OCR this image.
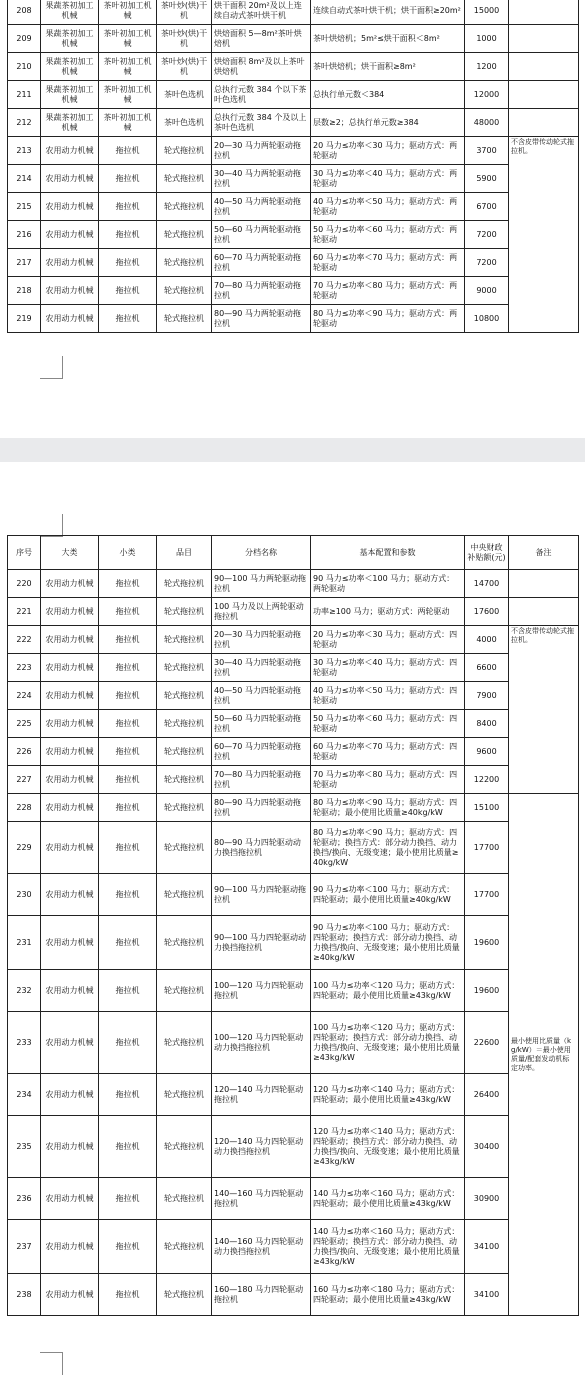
208	果蔬茶初加工机械	茶叶初加工机械	茶叶炒(烘)干机	烘干面积 20m²及以上连续自动式茶叶烘干机	连续自动式茶叶烘干机；烘干面积≥20m²	15000	
209	果蔬茶初加工机械	茶叶初加工机械	茶叶炒(烘)干机	烘焙面积 5—8m²茶叶烘焙机	茶叶烘焙机；5m²≤烘干面积＜8m²	1000	
210	果蔬茶初加工机械	茶叶初加工机械	茶叶炒(烘)干机	烘焙面积 8m²及以上茶叶烘焙机	茶叶烘焙机；烘干面积≥8m²	1200	
211	果蔬茶初加工机械	茶叶初加工机械	茶叶色选机	总执行元数 384 个以下茶叶色选机	总执行单元数＜384	12000	
212	果蔬茶初加工机械	茶叶初加工机械	茶叶色选机	总执行元数 384 个及以上茶叶色选机	层数≥2；总执行单元数≥384	48000	
213	农用动力机械	拖拉机	轮式拖拉机	20—30 马力两轮驱动拖拉机	20 马力≤功率＜30 马力；驱动方式：两轮驱动	3700	不含皮带传动轮式拖拉机。
214	农用动力机械	拖拉机	轮式拖拉机	30—40 马力两轮驱动拖拉机	30 马力≤功率＜40 马力；驱动方式：两轮驱动	5900	
215	农用动力机械	拖拉机	轮式拖拉机	40—50 马力两轮驱动拖拉机	40 马力≤功率＜50 马力；驱动方式：两轮驱动	6700	
216	农用动力机械	拖拉机	轮式拖拉机	50—60 马力两轮驱动拖拉机	50 马力≤功率＜60 马力；驱动方式：两轮驱动	7200	
217	农用动力机械	拖拉机	轮式拖拉机	60—70 马力两轮驱动拖拉机	60 马力≤功率＜70 马力；驱动方式：两轮驱动	7200	
218	农用动力机械	拖拉机	轮式拖拉机	70—80 马力两轮驱动拖拉机	70 马力≤功率＜80 马力；驱动方式：两轮驱动	9000	
219	农用动力机械	拖拉机	轮式拖拉机	80—90 马力两轮驱动拖拉机	80 马力≤功率＜90 马力；驱动方式：两轮驱动	10800	
序号	大类	小类	品目	分档名称	基本配置和参数	中央财政补贴额(元)	备注
220	农用动力机械	拖拉机	轮式拖拉机	90—100 马力两轮驱动拖拉机	90 马力≤功率＜100 马力；驱动方式：两轮驱动	14700	
221	农用动力机械	拖拉机	轮式拖拉机	100 马力及以上两轮驱动拖拉机	功率≥100 马力；驱动方式：两轮驱动	17600	
222	农用动力机械	拖拉机	轮式拖拉机	20—30 马力四轮驱动拖拉机	20 马力≤功率＜30 马力；驱动方式：四轮驱动	4000	不含皮带传动轮式拖拉机。
223	农用动力机械	拖拉机	轮式拖拉机	30—40 马力四轮驱动拖拉机	30 马力≤功率＜40 马力；驱动方式：四轮驱动	6600	
224	农用动力机械	拖拉机	轮式拖拉机	40—50 马力四轮驱动拖拉机	40 马力≤功率＜50 马力；驱动方式：四轮驱动	7900	
225	农用动力机械	拖拉机	轮式拖拉机	50—60 马力四轮驱动拖拉机	50 马力≤功率＜60 马力；驱动方式：四轮驱动	8400	
226	农用动力机械	拖拉机	轮式拖拉机	60—70 马力四轮驱动拖拉机	60 马力≤功率＜70 马力；驱动方式：四轮驱动	9600	
227	农用动力机械	拖拉机	轮式拖拉机	70—80 马力四轮驱动拖拉机	70 马力≤功率＜80 马力；驱动方式：四轮驱动	12200	
228	农用动力机械	拖拉机	轮式拖拉机	80—90 马力四轮驱动拖拉机	80 马力≤功率＜90 马力；驱动方式：四轮驱动；最小使用比质量≥40kg/kW	15100	最小使用比质量（kg/kW）＝最小使用质量/配套发动机标定功率。
229	农用动力机械	拖拉机	轮式拖拉机	80—90 马力四轮驱动动力换挡拖拉机	80 马力≤功率＜90 马力；驱动方式：四轮驱动；换挡方式：部分动力换挡、动力换挡/换向、无级变速；最小使用比质量≥40kg/kW	17700	
230	农用动力机械	拖拉机	轮式拖拉机	90—100 马力四轮驱动拖拉机	90 马力≤功率＜100 马力；驱动方式：四轮驱动；最小使用比质量≥40kg/kW	17700	
231	农用动力机械	拖拉机	轮式拖拉机	90—100 马力四轮驱动动力换挡拖拉机	90 马力≤功率＜100 马力；驱动方式：四轮驱动；换挡方式：部分动力换挡、动力换挡/换向、无级变速；最小使用比质量≥40kg/kW	19600	
232	农用动力机械	拖拉机	轮式拖拉机	100—120 马力四轮驱动拖拉机	100 马力≤功率＜120 马力；驱动方式：四轮驱动；最小使用比质量≥43kg/kW	19600	
233	农用动力机械	拖拉机	轮式拖拉机	100—120 马力四轮驱动动力换挡拖拉机	100 马力≤功率＜120 马力；驱动方式：四轮驱动；换挡方式：部分动力换挡、动力换挡/换向、无级变速；最小使用比质量≥43kg/kW	22600	
234	农用动力机械	拖拉机	轮式拖拉机	120—140 马力四轮驱动拖拉机	120 马力≤功率＜140 马力；驱动方式：四轮驱动；最小使用比质量≥43kg/kW	26400	
235	农用动力机械	拖拉机	轮式拖拉机	120—140 马力四轮驱动动力换挡拖拉机	120 马力≤功率＜140 马力；驱动方式：四轮驱动；换挡方式：部分动力换挡、动力换挡/换向、无级变速；最小使用比质量≥43kg/kW	30400	
236	农用动力机械	拖拉机	轮式拖拉机	140—160 马力四轮驱动拖拉机	140 马力≤功率＜160 马力；驱动方式：四轮驱动；最小使用比质量≥43kg/kW	30900	
237	农用动力机械	拖拉机	轮式拖拉机	140—160 马力四轮驱动动力换挡拖拉机	140 马力≤功率＜160 马力；驱动方式：四轮驱动；换挡方式：部分动力换挡、动力换挡/换向、无级变速；最小使用比质量≥43kg/kW	34100	
238	农用动力机械	拖拉机	轮式拖拉机	160—180 马力四轮驱动拖拉机	160 马力≤功率＜180 马力；驱动方式：四轮驱动；最小使用比质量≥43kg/kW	34100	
